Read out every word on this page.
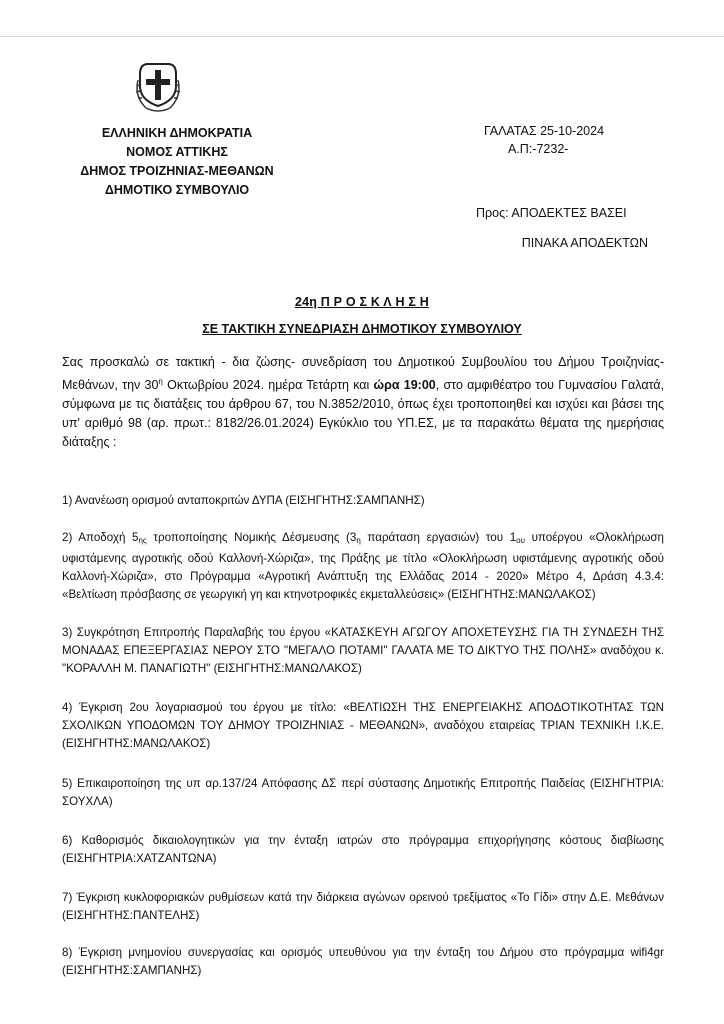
ΕΛΛΗΝΙΚΗ ΔΗΜΟΚΡΑΤΙΑ
ΝΟΜΟΣ ΑΤΤΙΚΗΣ
ΔΗΜΟΣ ΤΡΟΙΖΗΝΙΑΣ-ΜΕΘΑΝΩΝ
ΔΗΜΟΤΙΚΟ ΣΥΜΒΟΥΛΙΟ
ΓΑΛΑΤΑΣ 25-10-2024
Α.Π:-7232-
Προς: ΑΠΟΔΕΚΤΕΣ ΒΑΣΕΙ
ΠΙΝΑΚΑ ΑΠΟΔΕΚΤΩΝ
24η Π Ρ Ο Σ Κ Λ Η Σ Η
ΣΕ ΤΑΚΤΙΚΗ ΣΥΝΕΔΡΙΑΣΗ ΔΗΜΟΤΙΚΟΥ ΣΥΜΒΟΥΛΙΟΥ
Σας προσκαλώ σε τακτική - δια ζώσης- συνεδρίαση του Δημοτικού Συμβουλίου του Δήμου Τροιζηνίας-Μεθάνων, την $30^\eta$ Οκτωβρίου 2024. ημέρα Τετάρτη και ώρα 19:00, στο αμφιθέατρο του Γυμνασίου Γαλατά, σύμφωνα με τις διατάξεις του άρθρου 67, του Ν.3852/2010, όπως έχει τροποποιηθεί και ισχύει και βάσει της υπ' αριθμό 98 (αρ. πρωτ.: 8182/26.01.2024) Εγκύκλιο του ΥΠ.ΕΣ, με τα παρακάτω θέματα της ημερήσιας διάταξης :

1) Ανανέωση ορισμού ανταποκριτών ΔΥΠΑ (ΕΙΣΗΓΗΤΗΣ:ΣΑΜΠΑΝΗΣ)

2) Αποδοχή $5_{\eta\varsigma}$ τροποποίησης Νομικής Δέσμευσης ($3_\eta$ παράταση εργασιών) του $1_{o\upsilon}$ υποέργου «Ολοκλήρωση υφιστάμενης αγροτικής οδού Καλλονή-Χώριζα», της Πράξης με τίτλο «Ολοκλήρωση υφιστάμενης αγροτικής οδού Καλλονή-Χώριζα», στο Πρόγραμμα «Αγροτική Ανάπτυξη της Ελλάδας 2014 - 2020» Μέτρο 4, Δράση 4.3.4: «Βελτίωση πρόσβασης σε γεωργική γη και κτηνοτροφικές εκμεταλλεύσεις» (ΕΙΣΗΓΗΤΗΣ:ΜΑΝΩΛΑΚΟΣ)

3) Συγκρότηση Επιτροπής Παραλαβής του έργου «ΚΑΤΑΣΚΕΥΗ ΑΓΩΓΟΥ ΑΠΟΧΕΤΕΥΣΗΣ ΓΙΑ ΤΗ ΣΥΝΔΕΣΗ ΤΗΣ ΜΟΝΑΔΑΣ ΕΠΕΞΕΡΓΑΣΙΑΣ ΝΕΡΟΥ ΣΤΟ "ΜΕΓΑΛΟ ΠΟΤΑΜΙ" ΓΑΛΑΤΑ ΜΕ ΤΟ ΔΙΚΤΥΟ ΤΗΣ ΠΟΛΗΣ» αναδόχου κ. "ΚΟΡΑΛΛΗ Μ. ΠΑΝΑΓΙΩΤΗ" (ΕΙΣΗΓΗΤΗΣ:ΜΑΝΩΛΑΚΟΣ)

4) Έγκριση 2ου λογαριασμού του έργου με τίτλο: «ΒΕΛΤΙΩΣΗ ΤΗΣ ΕΝΕΡΓΕΙΑΚΗΣ ΑΠΟΔΟΤΙΚΟΤΗΤΑΣ ΤΩΝ ΣΧΟΛΙΚΩΝ ΥΠΟΔΟΜΩΝ ΤΟΥ ΔΗΜΟΥ ΤΡΟΙΖΗΝΙΑΣ - ΜΕΘΑΝΩΝ», αναδόχου εταιρείας ΤΡΙΑΝ ΤΕΧΝΙΚΗ Ι.Κ.Ε. (ΕΙΣΗΓΗΤΗΣ:ΜΑΝΩΛΑΚΟΣ)

5) Επικαιροποίηση της υπ αρ.137/24 Απόφασης ΔΣ περί σύστασης Δημοτικής Επιτροπής Παιδείας (ΕΙΣΗΓΗΤΡΙΑ: ΣΟΥΧΛΑ)

6) Καθορισμός δικαιολογητικών για την ένταξη ιατρών στο πρόγραμμα επιχορήγησης κόστους διαβίωσης (ΕΙΣΗΓΗΤΡΙΑ:ΧΑΤΖΑΝΤΩΝΑ)

7) Έγκριση κυκλοφοριακών ρυθμίσεων κατά την διάρκεια αγώνων ορεινού τρεξίματος «Το Γίδι» στην Δ.Ε. Μεθάνων (ΕΙΣΗΓΗΤΗΣ:ΠΑΝΤΕΛΗΣ)

8) Έγκριση μνημονίου συνεργασίας και ορισμός υπευθύνου για την ένταξη του Δήμου στο πρόγραμμα wifi4gr (ΕΙΣΗΓΗΤΗΣ:ΣΑΜΠΑΝΗΣ)
